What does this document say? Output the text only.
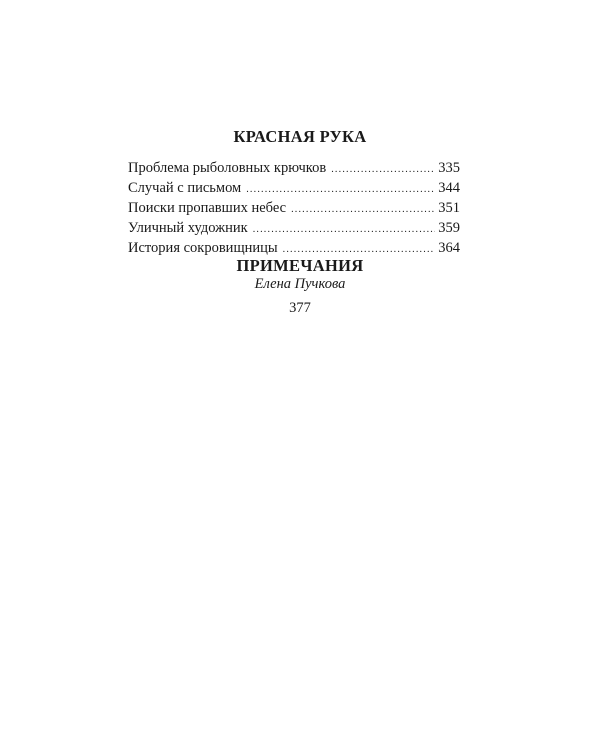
КРАСНАЯ РУКА
Проблема рыболовных крючков .....	335
Случай с письмом .....	344
Поиски пропавших небес .....	351
Уличный художник .....	359
История сокровищницы .....	364
ПРИМЕЧАНИЯ
Елена Пучкова
377
